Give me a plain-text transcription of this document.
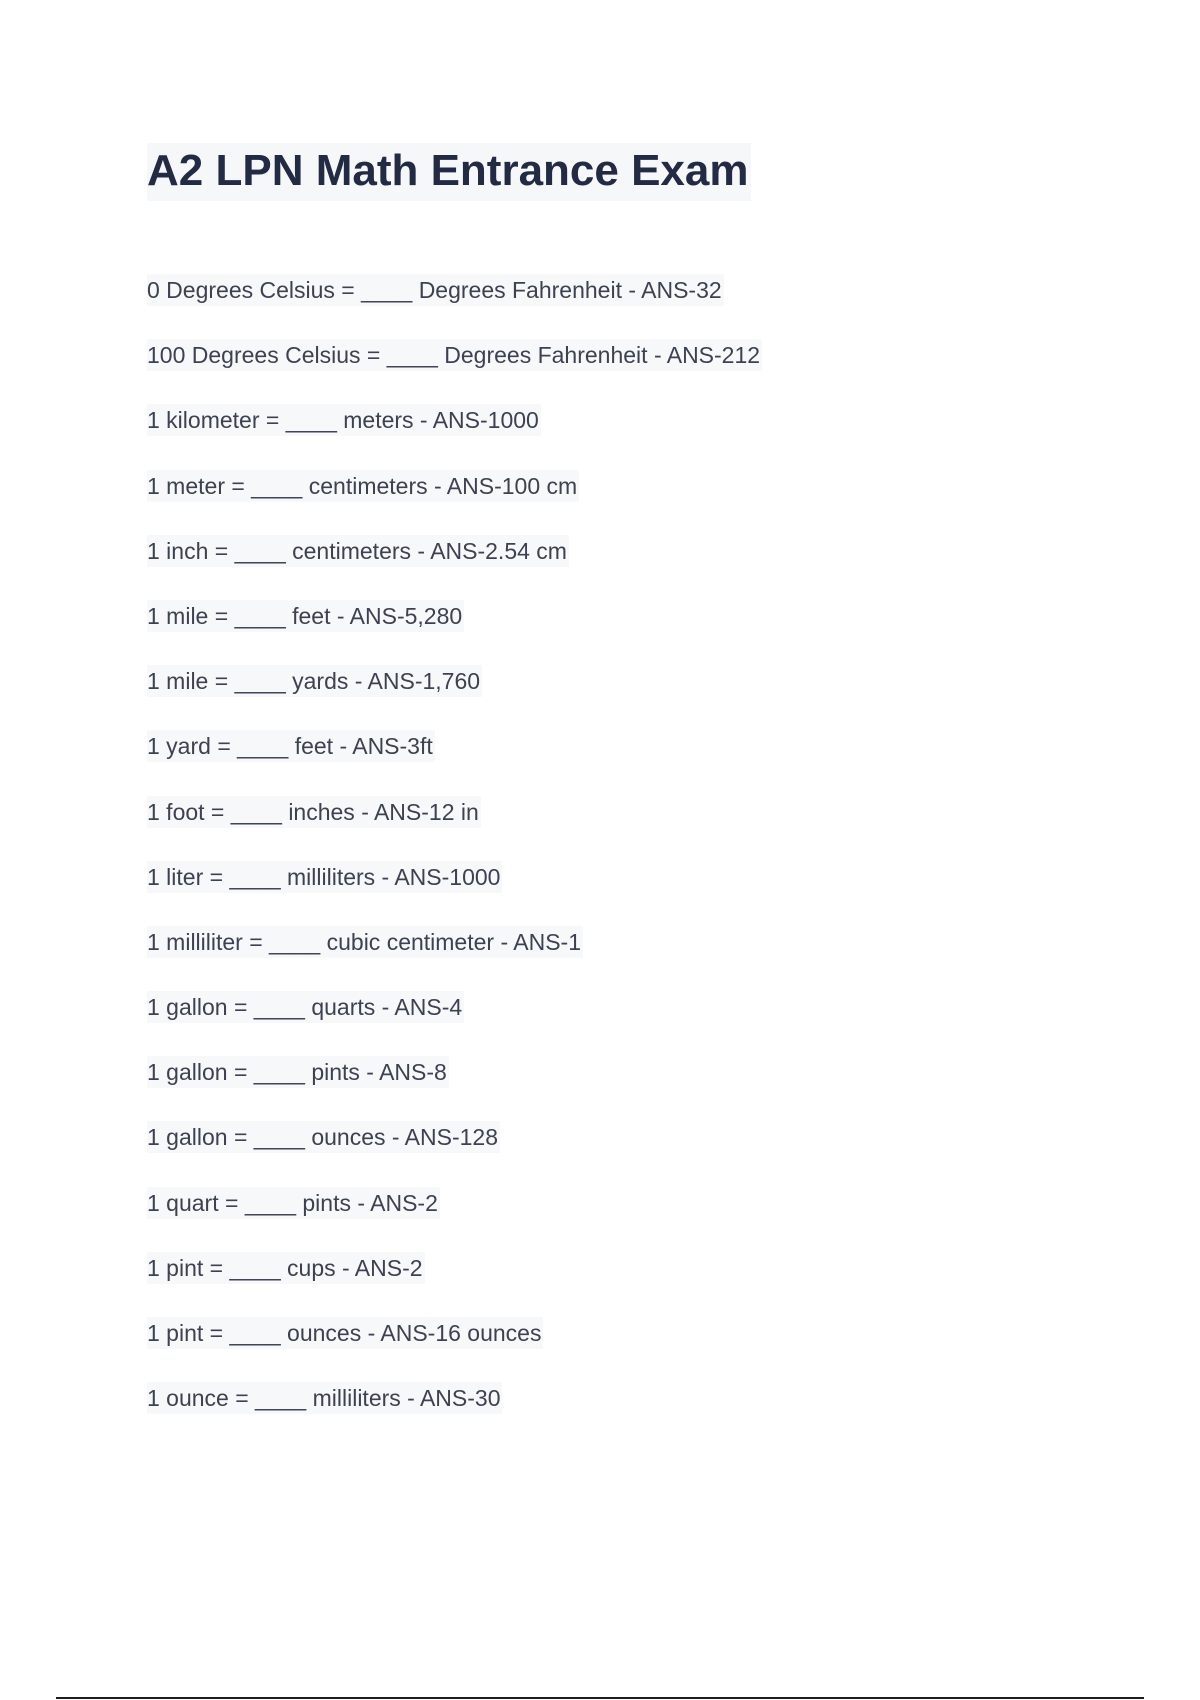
A2 LPN Math Entrance Exam
0 Degrees Celsius = ____ Degrees Fahrenheit - ANS-32
100 Degrees Celsius = ____ Degrees Fahrenheit - ANS-212
1 kilometer = ____ meters - ANS-1000
1 meter = ____ centimeters - ANS-100 cm
1 inch = ____ centimeters - ANS-2.54 cm
1 mile = ____ feet - ANS-5,280
1 mile = ____ yards - ANS-1,760
1 yard = ____ feet - ANS-3ft
1 foot = ____ inches - ANS-12 in
1 liter = ____ milliliters - ANS-1000
1 milliliter = ____ cubic centimeter - ANS-1
1 gallon = ____ quarts - ANS-4
1 gallon = ____ pints - ANS-8
1 gallon = ____ ounces - ANS-128
1 quart = ____ pints - ANS-2
1 pint = ____ cups - ANS-2
1 pint = ____ ounces - ANS-16 ounces
1 ounce = ____ milliliters - ANS-30
